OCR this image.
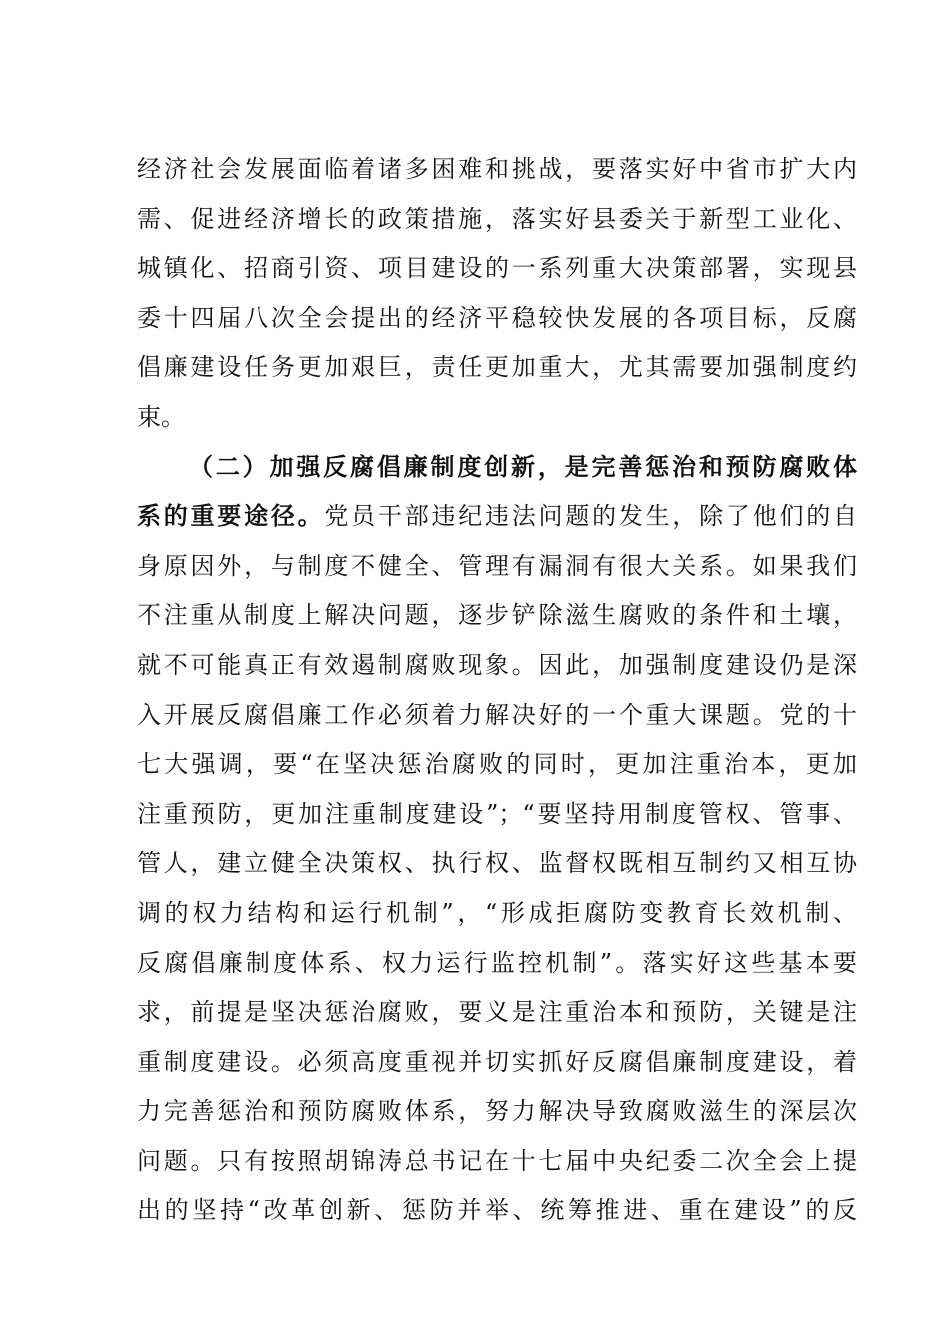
经济社会发展面临着诸多困难和挑战，要落实好中省市扩大内
需、促进经济增长的政策措施，落实好县委关于新型工业化、
城镇化、招商引资、项目建设的一系列重大决策部署，实现县
委十四届八次全会提出的经济平稳较快发展的各项目标，反腐
倡廉建设任务更加艰巨，责任更加重大，尤其需要加强制度约
束。
（二）加强反腐倡廉制度创新，是完善惩治和预防腐败体
系的重要途径。党员干部违纪违法问题的发生，除了他们的自
身原因外，与制度不健全、管理有漏洞有很大关系。如果我们
不注重从制度上解决问题，逐步铲除滋生腐败的条件和土壤，
就不可能真正有效遏制腐败现象。因此，加强制度建设仍是深
入开展反腐倡廉工作必须着力解决好的一个重大课题。党的十
七大强调，要“在坚决惩治腐败的同时，更加注重治本，更加
注重预防，更加注重制度建设”；“要坚持用制度管权、管事、
管人，建立健全决策权、执行权、监督权既相互制约又相互协
调的权力结构和运行机制”，“形成拒腐防变教育长效机制、
反腐倡廉制度体系、权力运行监控机制”。落实好这些基本要
求，前提是坚决惩治腐败，要义是注重治本和预防，关键是注
重制度建设。必须高度重视并切实抓好反腐倡廉制度建设，着
力完善惩治和预防腐败体系，努力解决导致腐败滋生的深层次
问题。只有按照胡锦涛总书记在十七届中央纪委二次全会上提
出的坚持“改革创新、惩防并举、统筹推进、重在建设”的反
